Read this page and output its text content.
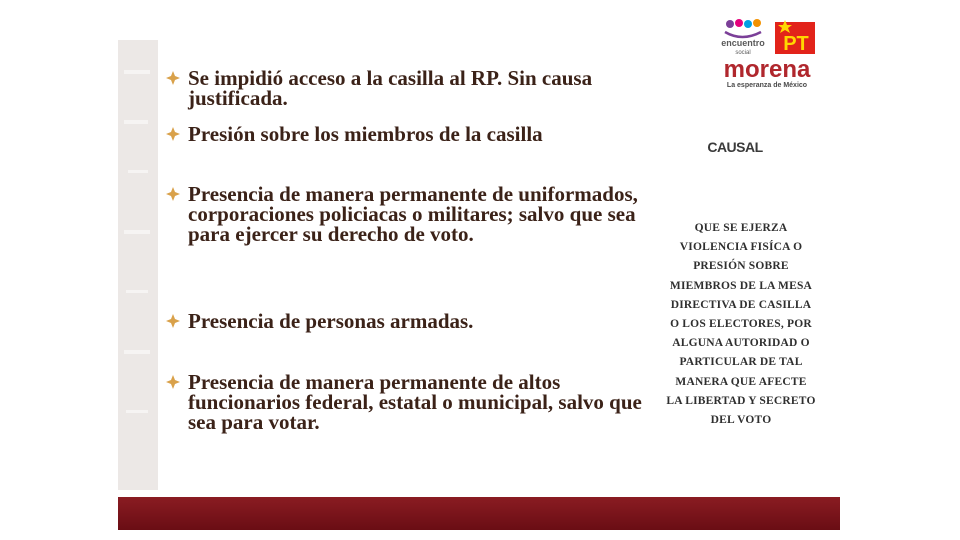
Se impidió acceso a la casilla al RP. Sin causa justificada.
Presión sobre los miembros de la casilla
Presencia de manera permanente de uniformados, corporaciones policiacas o militares; salvo que sea para ejercer su derecho de voto.
Presencia de personas armadas.
Presencia de manera permanente de altos funcionarios federal, estatal o municipal, salvo que sea para votar.
encuentro
social PT
morena
La esperanza de México
CAUSAL
QUE SE EJERZA VIOLENCIA FISÍCA O PRESIÓN SOBRE MIEMBROS DE LA MESA DIRECTIVA DE CASILLA O LOS ELECTORES, POR ALGUNA AUTORIDAD O PARTICULAR DE TAL MANERA QUE AFECTE LA LIBERTAD Y SECRETO DEL VOTO
